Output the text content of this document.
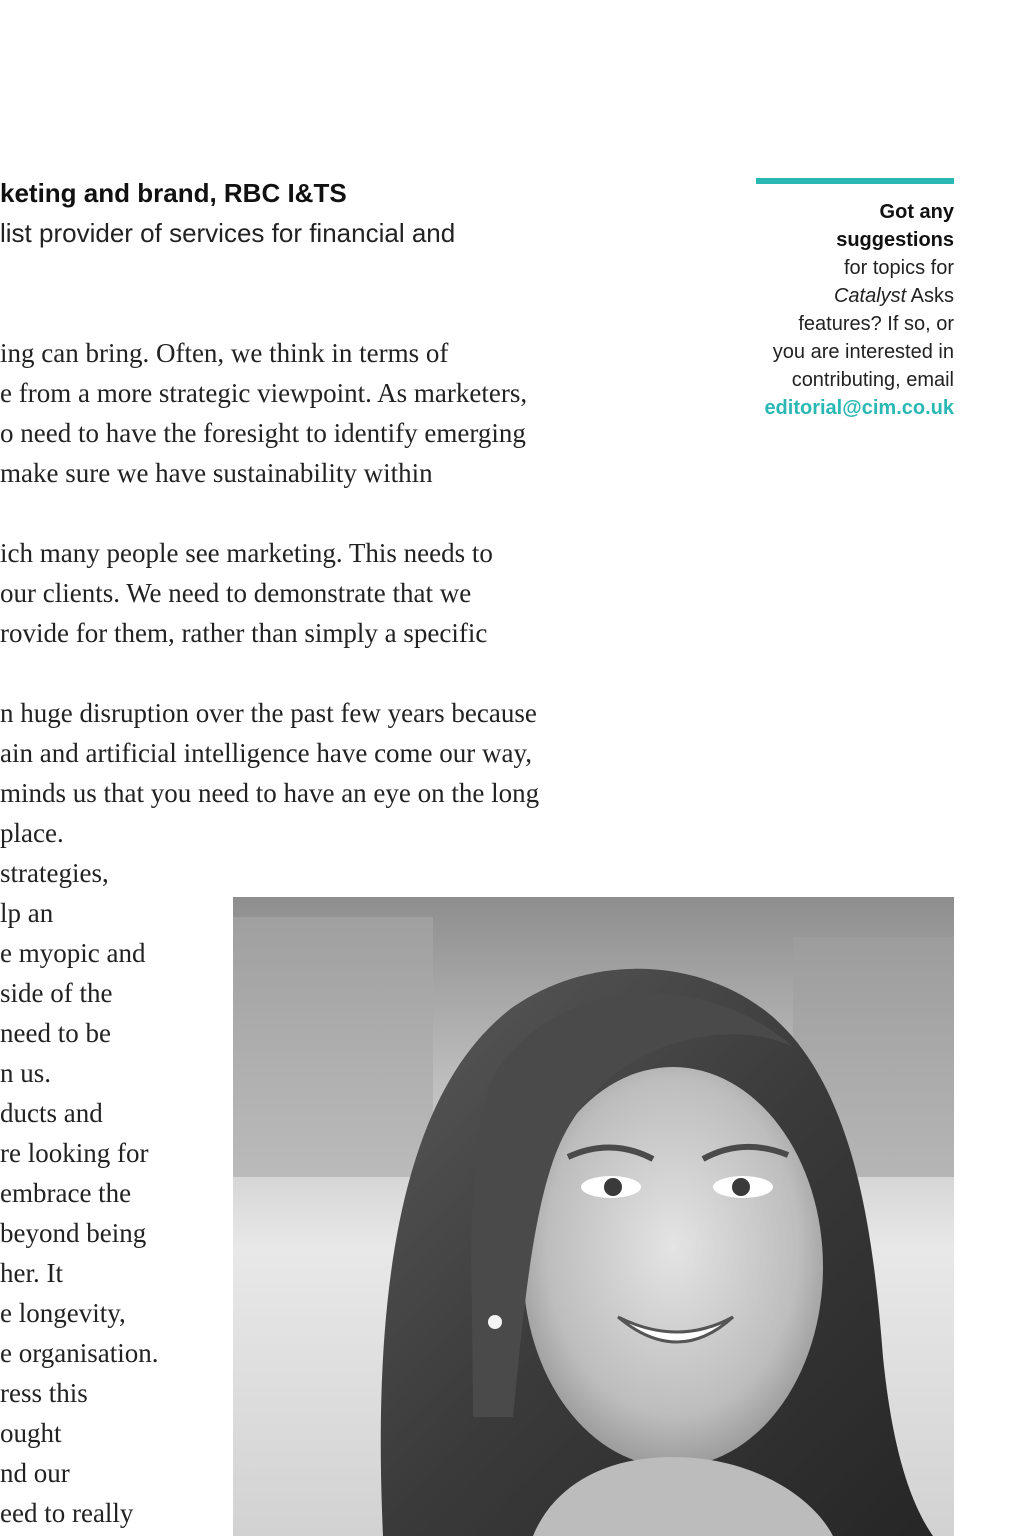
keting and brand, RBC I&TS
list provider of services for financial and
ing can bring. Often, we think in terms of
e from a more strategic viewpoint. As marketers,
o need to have the foresight to identify emerging
make sure we have sustainability within
ich many people see marketing. This needs to
our clients. We need to demonstrate that we
rovide for them, rather than simply a specific
n huge disruption over the past few years because
ain and artificial intelligence have come our way,
minds us that you need to have an eye on the long
place.
strategies,
lp an
e myopic and
side of the
need to be
n us.
ducts and
re looking for
embrace the
beyond being
her. It
e longevity,
e organisation.
ress this
ought
nd our
eed to really
Got any
suggestions
for topics for
Catalyst Asks
features? If so, or
you are interested in
contributing, email
editorial@cim.co.uk
